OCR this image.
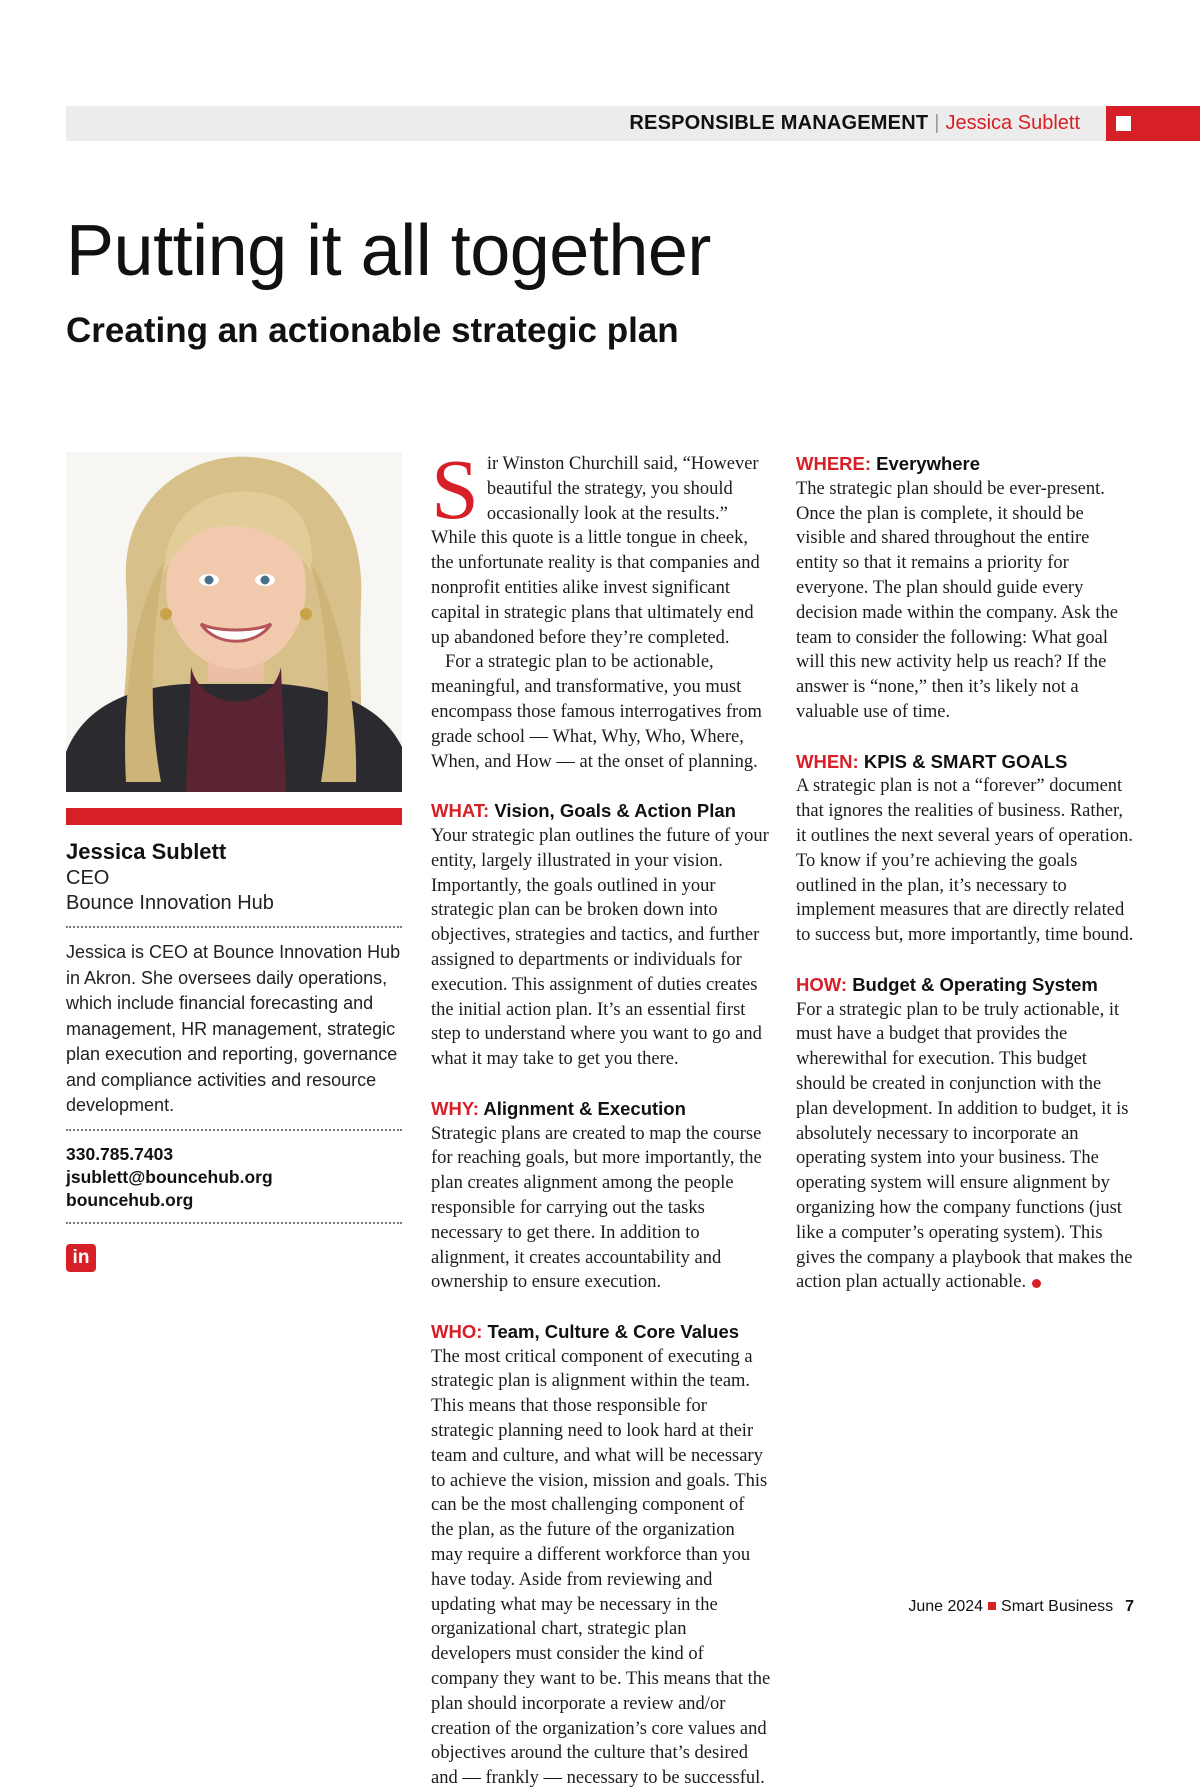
RESPONSIBLE MANAGEMENT | Jessica Sublett
Putting it all together
Creating an actionable strategic plan
Jessica Sublett
CEO
Bounce Innovation Hub
Jessica is CEO at Bounce Innovation Hub in Akron. She oversees daily operations, which include financial forecasting and management, HR management, strategic plan execution and reporting, governance and compliance activities and resource development.
330.785.7403
jsublett@bouncehub.org
bouncehub.org
in
S ir Winston Churchill said, “However beautiful the strategy, you should occasionally look at the results.” While this quote is a little tongue in cheek, the unfortunate reality is that companies and nonprofit entities alike invest significant capital in strategic plans that ultimately end up abandoned before they’re completed.

For a strategic plan to be actionable, meaningful, and transformative, you must encompass those famous interrogatives from grade school — What, Why, Who, Where, When, and How — at the onset of planning.

WHAT: Vision, Goals & Action Plan

Your strategic plan outlines the future of your entity, largely illustrated in your vision. Importantly, the goals outlined in your strategic plan can be broken down into objectives, strategies and tactics, and further assigned to departments or individuals for execution. This assignment of duties creates the initial action plan. It’s an essential first step to understand where you want to go and what it may take to get you there.

WHY: Alignment & Execution

Strategic plans are created to map the course for reaching goals, but more importantly, the plan creates alignment among the people responsible for carrying out the tasks necessary to get there. In addition to alignment, it creates accountability and ownership to ensure execution.

WHO: Team, Culture & Core Values

The most critical component of executing a strategic plan is alignment within the team. This means that those responsible for strategic planning need to look hard at their team and culture, and what will be necessary to achieve the vision, mission and goals. This can be the most challenging component of the plan, as the future of the organization may require a different workforce than you have today. Aside from reviewing and updating what may be necessary in the organizational chart, strategic plan developers must consider the kind of company they want to be. This means that the plan should incorporate a review and/or creation of the organization’s core values and objectives around the culture that’s desired and — frankly — necessary to be successful.

WHERE: Everywhere

The strategic plan should be ever-present. Once the plan is complete, it should be visible and shared throughout the entire entity so that it remains a priority for everyone. The plan should guide every decision made within the company. Ask the team to consider the following: What goal will this new activity help us reach? If the answer is “none,” then it’s likely not a valuable use of time.

WHEN: KPIS & SMART GOALS

A strategic plan is not a “forever” document that ignores the realities of business. Rather, it outlines the next several years of operation. To know if you’re achieving the goals outlined in the plan, it’s necessary to implement measures that are directly related to success but, more importantly, time bound.

HOW: Budget & Operating System

For a strategic plan to be truly actionable, it must have a budget that provides the wherewithal for execution. This budget should be created in conjunction with the plan development. In addition to budget, it is absolutely necessary to incorporate an operating system into your business. The operating system will ensure alignment by organizing how the company functions (just like a computer’s operating system). This gives the company a playbook that makes the action plan actually actionable.

June 2024 Smart Business 7
